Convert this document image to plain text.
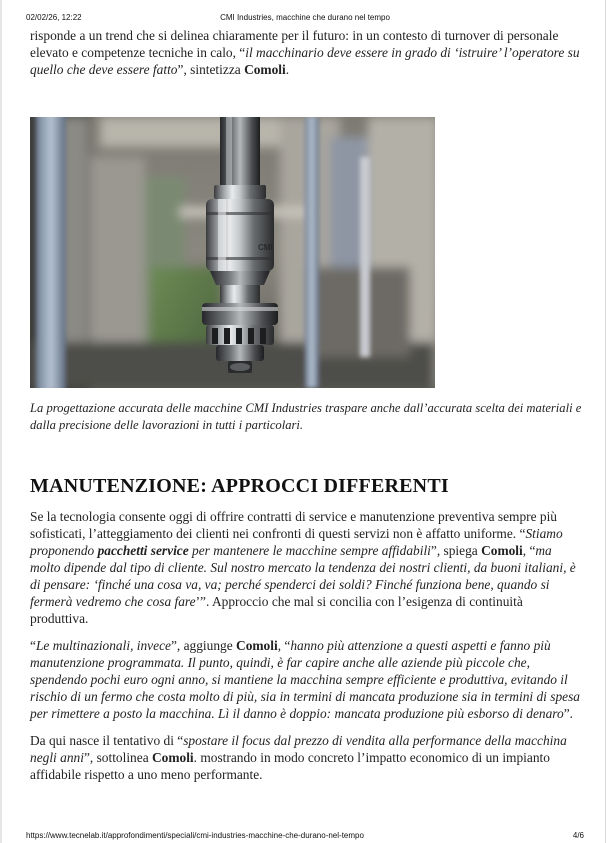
02/02/26, 12:22	CMI Industries, macchine che durano nel tempo

risponde a un trend che si delinea chiaramente per il futuro: in un contesto di turnover di personale elevato e competenze tecniche in calo, “il macchinario deve essere in grado di ‘istruire’ l’operatore su quello che deve essere fatto”, sintetizza Comoli.

CMI

La progettazione accurata delle macchine CMI Industries traspare anche dall’accurata scelta dei materiali e dalla precisione delle lavorazioni in tutti i particolari.

MANUTENZIONE: APPROCCI DIFFERENTI

Se la tecnologia consente oggi di offrire contratti di service e manutenzione preventiva sempre più sofisticati, l’atteggiamento dei clienti nei confronti di questi servizi non è affatto uniforme. “Stiamo proponendo pacchetti service per mantenere le macchine sempre affidabili”, spiega Comoli, “ma molto dipende dal tipo di cliente. Sul nostro mercato la tendenza dei nostri clienti, da buoni italiani, è di pensare: ‘finché una cosa va, va; perché spenderci dei soldi? Finché funziona bene, quando si fermerà vedremo che cosa fare’”. Approccio che mal si concilia con l’esigenza di continuità produttiva.

“Le multinazionali, invece”, aggiunge Comoli, “hanno più attenzione a questi aspetti e fanno più manutenzione programmata. Il punto, quindi, è far capire anche alle aziende più piccole che, spendendo pochi euro ogni anno, si mantiene la macchina sempre efficiente e produttiva, evitando il rischio di un fermo che costa molto di più, sia in termini di mancata produzione sia in termini di spesa per rimettere a posto la macchina. Lì il danno è doppio: mancata produzione più esborso di denaro”.

Da qui nasce il tentativo di “spostare il focus dal prezzo di vendita alla performance della macchina negli anni”, sottolinea Comoli. mostrando in modo concreto l’impatto economico di un impianto affidabile rispetto a uno meno performante.

https://www.tecnelab.it/approfondimenti/speciali/cmi-industries-macchine-che-durano-nel-tempo	4/6
